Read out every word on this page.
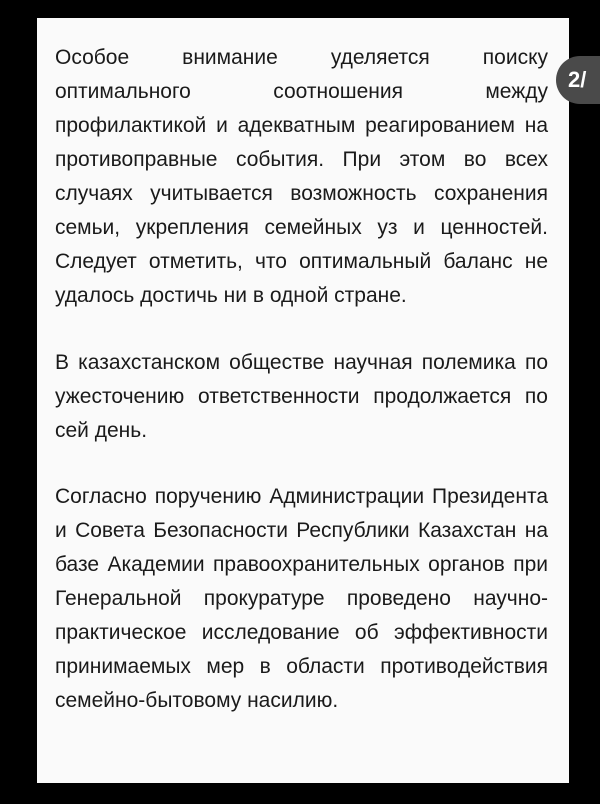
Особое внимание уделяется поиску оптимального соотношения между профилактикой и адекватным реагированием на противоправные события. При этом во всех случаях учитывается возможность сохранения семьи, укрепления семейных уз и ценностей. Следует отметить, что оптимальный баланс не удалось достичь ни в одной стране.
В казахстанском обществе научная полемика по ужесточению ответственности продолжается по сей день.
Согласно поручению Администрации Президента и Совета Безопасности Республики Казахстан на базе Академии правоохранительных органов при Генеральной прокуратуре проведено научно-практическое исследование об эффективности принимаемых мер в области противодействия семейно-бытовому насилию.
2/
